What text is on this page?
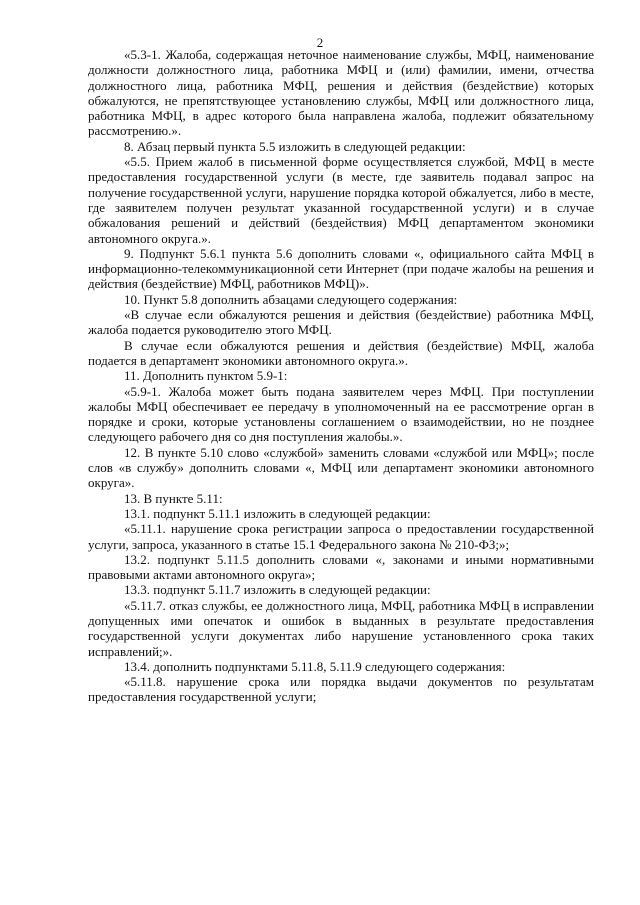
2

«5.3-1. Жалоба, содержащая неточное наименование службы, МФЦ, наименование должности должностного лица, работника МФЦ и (или) фамилии, имени, отчества должностного лица, работника МФЦ, решения и действия (бездействие) которых обжалуются, не препятствующее установлению службы, МФЦ или должностного лица, работника МФЦ, в адрес которого была направлена жалоба, подлежит обязательному рассмотрению.».

8. Абзац первый пункта 5.5 изложить в следующей редакции:

«5.5. Прием жалоб в письменной форме осуществляется службой, МФЦ в месте предоставления государственной услуги (в месте, где заявитель подавал запрос на получение государственной услуги, нарушение порядка которой обжалуется, либо в месте, где заявителем получен результат указанной государственной услуги) и в случае обжалования решений и действий (бездействия) МФЦ департаментом экономики автономного округа.».

9. Подпункт 5.6.1 пункта 5.6 дополнить словами «, официального сайта МФЦ в информационно-телекоммуникационной сети Интернет (при подаче жалобы на решения и действия (бездействие) МФЦ, работников МФЦ)».

10. Пункт 5.8 дополнить абзацами следующего содержания:

«В случае если обжалуются решения и действия (бездействие) работника МФЦ, жалоба подается руководителю этого МФЦ.

В случае если обжалуются решения и действия (бездействие) МФЦ, жалоба подается в департамент экономики автономного округа.».

11. Дополнить пунктом 5.9-1:

«5.9-1. Жалоба может быть подана заявителем через МФЦ. При поступлении жалобы МФЦ обеспечивает ее передачу в уполномоченный на ее рассмотрение орган в порядке и сроки, которые установлены соглашением о взаимодействии, но не позднее следующего рабочего дня со дня поступления жалобы.».

12. В пункте 5.10 слово «службой» заменить словами «службой или МФЦ»; после слов «в службу» дополнить словами «, МФЦ или департамент экономики автономного округа».

13. В пункте 5.11:

13.1. подпункт 5.11.1 изложить в следующей редакции:

«5.11.1. нарушение срока регистрации запроса о предоставлении государственной услуги, запроса, указанного в статье 15.1 Федерального закона № 210-ФЗ;»;

13.2. подпункт 5.11.5 дополнить словами «, законами и иными нормативными правовыми актами автономного округа»;

13.3. подпункт 5.11.7 изложить в следующей редакции:

«5.11.7. отказ службы, ее должностного лица, МФЦ, работника МФЦ в исправлении допущенных ими опечаток и ошибок в выданных в результате предоставления государственной услуги документах либо нарушение установленного срока таких исправлений;».

13.4. дополнить подпунктами 5.11.8, 5.11.9 следующего содержания:

«5.11.8. нарушение срока или порядка выдачи документов по результатам предоставления государственной услуги;
